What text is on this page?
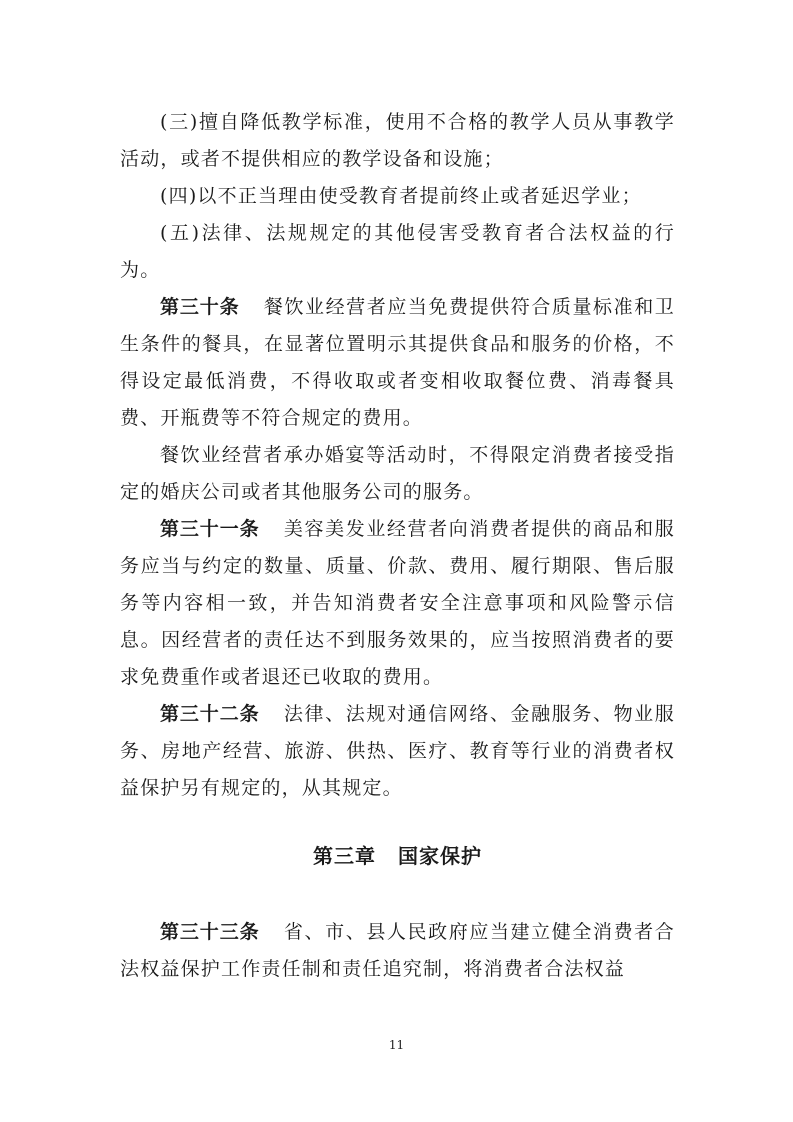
(三)擅自降低教学标准，使用不合格的教学人员从事教学活动，或者不提供相应的教学设备和设施；

(四)以不正当理由使受教育者提前终止或者延迟学业；

(五)法律、法规规定的其他侵害受教育者合法权益的行为。

第三十条 餐饮业经营者应当免费提供符合质量标准和卫生条件的餐具，在显著位置明示其提供食品和服务的价格，不得设定最低消费，不得收取或者变相收取餐位费、消毒餐具费、开瓶费等不符合规定的费用。

餐饮业经营者承办婚宴等活动时，不得限定消费者接受指定的婚庆公司或者其他服务公司的服务。

第三十一条 美容美发业经营者向消费者提供的商品和服务应当与约定的数量、质量、价款、费用、履行期限、售后服务等内容相一致，并告知消费者安全注意事项和风险警示信息。因经营者的责任达不到服务效果的，应当按照消费者的要求免费重作或者退还已收取的费用。

第三十二条 法律、法规对通信网络、金融服务、物业服务、房地产经营、旅游、供热、医疗、教育等行业的消费者权益保护另有规定的，从其规定。

第三章 国家保护

第三十三条 省、市、县人民政府应当建立健全消费者合法权益保护工作责任制和责任追究制，将消费者合法权益

11
